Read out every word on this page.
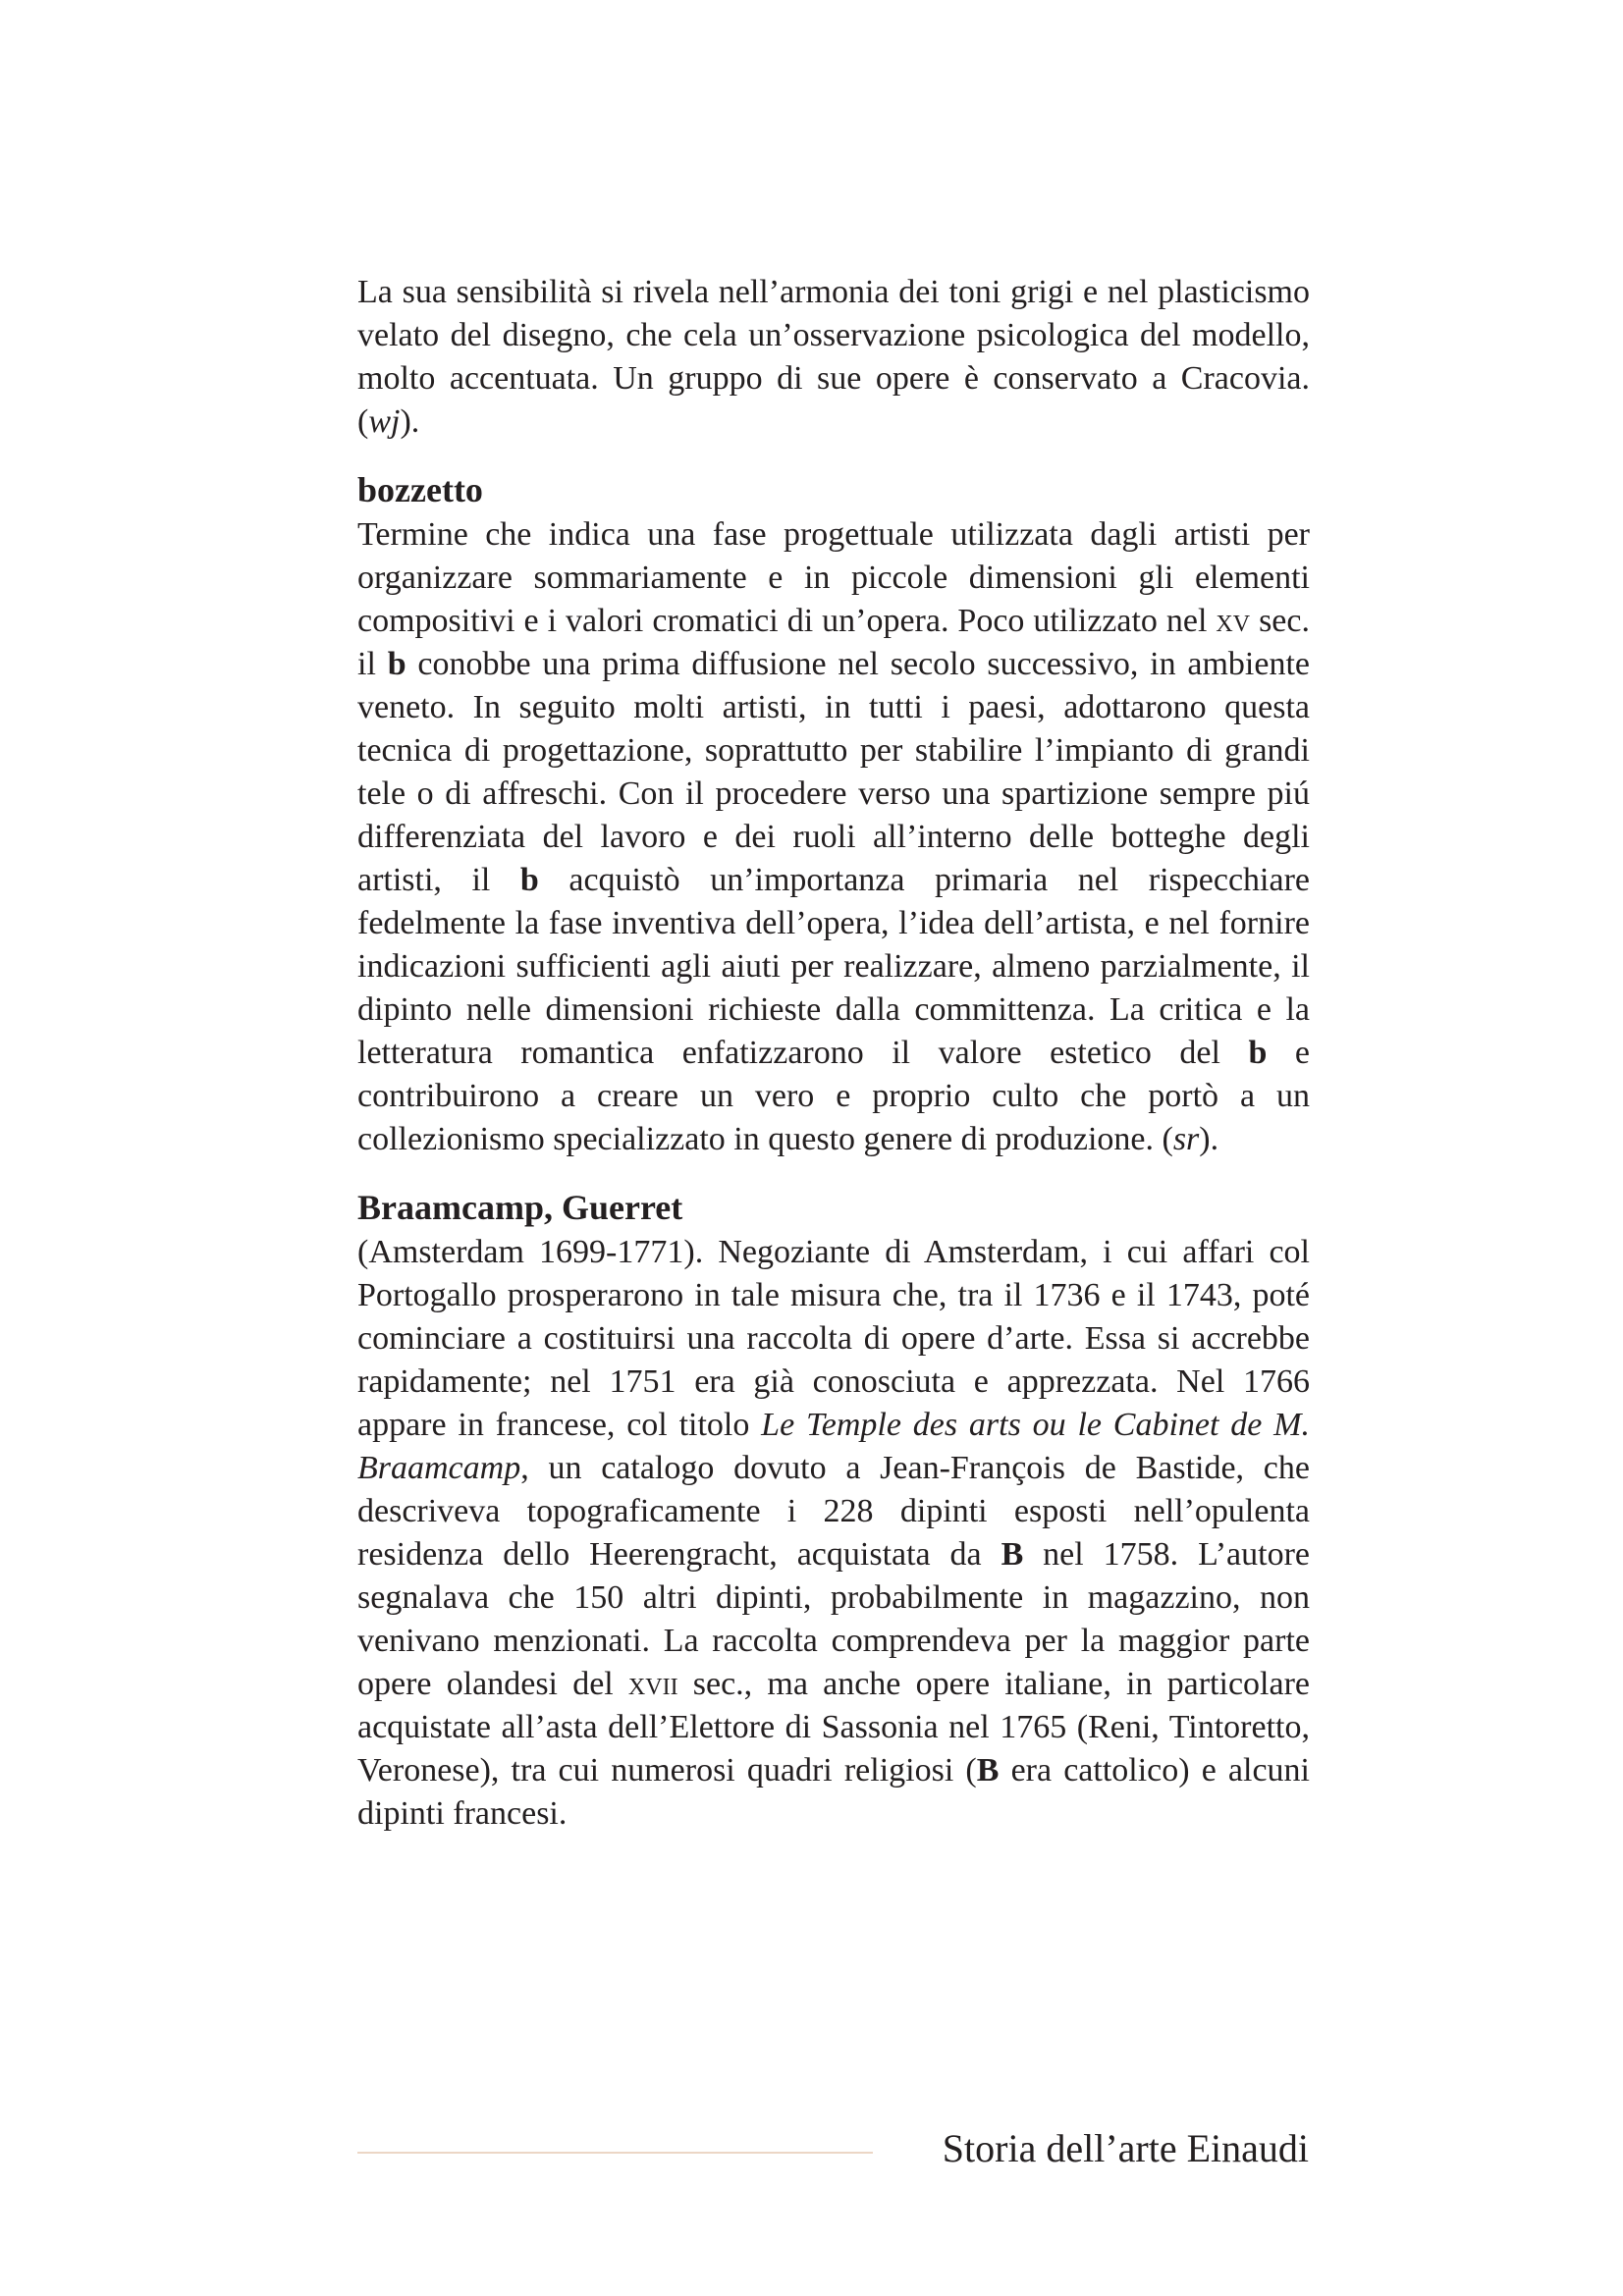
La sua sensibilità si rivela nell’armonia dei toni grigi e nel plasticismo velato del disegno, che cela un’osservazione psicologica del modello, molto accentuata. Un gruppo di sue opere è conservato a Cracovia. (wj).

bozzetto

Termine che indica una fase progettuale utilizzata dagli artisti per organizzare sommariamente e in piccole dimensioni gli elementi compositivi e i valori cromatici di un’opera. Poco utilizzato nel xv sec. il b conobbe una prima diffusione nel secolo successivo, in ambiente veneto. In seguito molti artisti, in tutti i paesi, adottarono questa tecnica di progettazione, soprattutto per stabilire l’impianto di grandi tele o di affreschi. Con il procedere verso una spartizione sempre piú differenziata del lavoro e dei ruoli all’interno delle botteghe degli artisti, il b acquistò un’importanza primaria nel rispecchiare fedelmente la fase inventiva dell’opera, l’idea dell’artista, e nel fornire indicazioni sufficienti agli aiuti per realizzare, almeno parzialmente, il dipinto nelle dimensioni richieste dalla committenza. La critica e la letteratura romantica enfatizzarono il valore estetico del b e contribuirono a creare un vero e proprio culto che portò a un collezionismo specializzato in questo genere di produzione. (sr).

Braamcamp, Guerret

(Amsterdam 1699-1771). Negoziante di Amsterdam, i cui affari col Portogallo prosperarono in tale misura che, tra il 1736 e il 1743, poté cominciare a costituirsi una raccolta di opere d’arte. Essa si accrebbe rapidamente; nel 1751 era già conosciuta e apprezzata. Nel 1766 appare in francese, col titolo Le Temple des arts ou le Cabinet de M. Braamcamp, un catalogo dovuto a Jean-François de Bastide, che descriveva topograficamente i 228 dipinti esposti nell’opulenta residenza dello Heerengracht, acquistata da B nel 1758. L’autore segnalava che 150 altri dipinti, probabilmente in magazzino, non venivano menzionati. La raccolta comprendeva per la maggior parte opere olandesi del xvii sec., ma anche opere italiane, in particolare acquistate all’asta dell’Elettore di Sassonia nel 1765 (Reni, Tintoretto, Veronese), tra cui numerosi quadri religiosi (B era cattolico) e alcuni dipinti francesi.

Storia dell’arte Einaudi
